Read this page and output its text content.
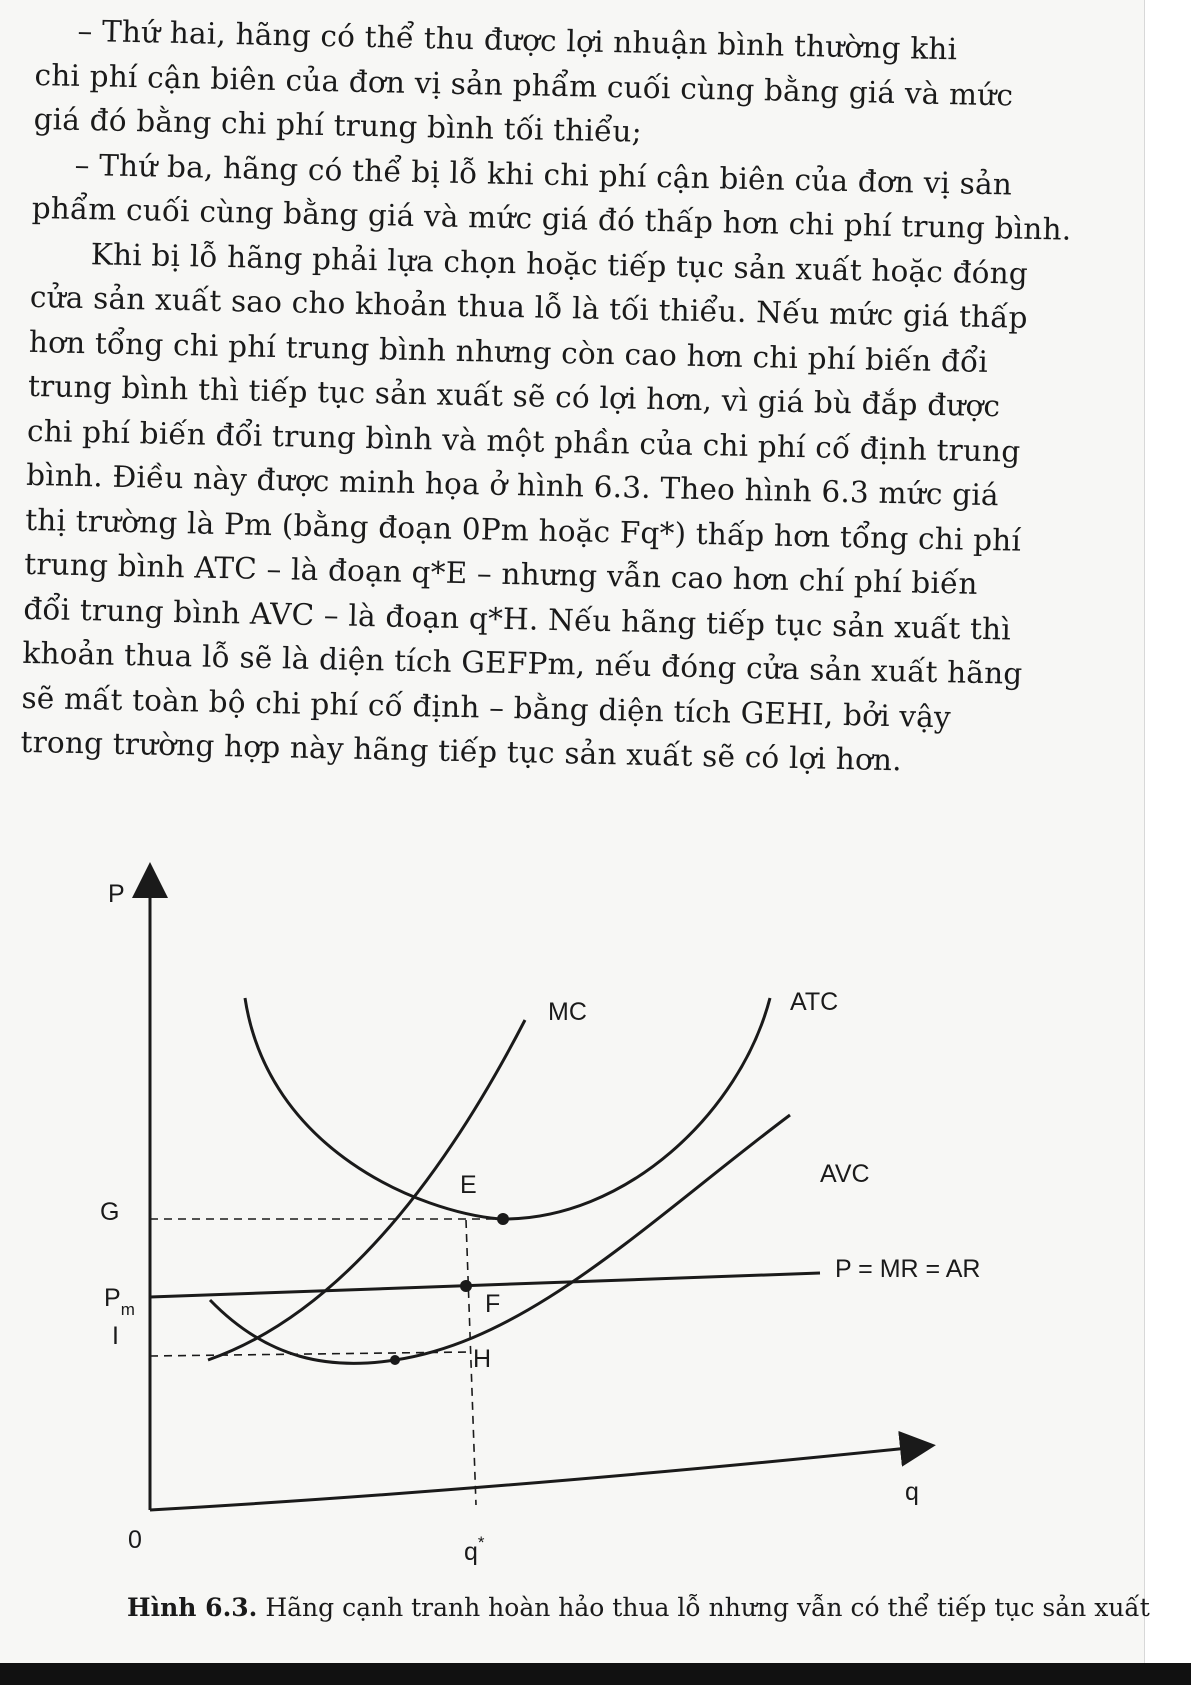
– Thứ hai, hãng có thể thu được lợi nhuận bình thường khi

chi phí cận biên của đơn vị sản phẩm cuối cùng bằng giá và mức

giá đó bằng chi phí trung bình tối thiểu;

– Thứ ba, hãng có thể bị lỗ khi chi phí cận biên của đơn vị sản

phẩm cuối cùng bằng giá và mức giá đó thấp hơn chi phí trung bình.

Khi bị lỗ hãng phải lựa chọn hoặc tiếp tục sản xuất hoặc đóng

cửa sản xuất sao cho khoản thua lỗ là tối thiểu. Nếu mức giá thấp

hơn tổng chi phí trung bình nhưng còn cao hơn chi phí biến đổi

trung bình thì tiếp tục sản xuất sẽ có lợi hơn, vì giá bù đắp được

chi phí biến đổi trung bình và một phần của chi phí cố định trung

bình. Điều này được minh họa ở hình 6.3. Theo hình 6.3 mức giá

thị trường là Pm (bằng đoạn 0Pm hoặc Fq*) thấp hơn tổng chi phí

trung bình ATC – là đoạn q*E – nhưng vẫn cao hơn chí phí biến

đổi trung bình AVC – là đoạn q*H. Nếu hãng tiếp tục sản xuất thì

khoản thua lỗ sẽ là diện tích GEFPm, nếu đóng cửa sản xuất hãng

sẽ mất toàn bộ chi phí cố định – bằng diện tích GEHI, bởi vậy

trong trường hợp này hãng tiếp tục sản xuất sẽ có lợi hơn.

P
q
0
MC	ATC
AVC
P = MR = AR
G
$P_m$
I
E
F
H
q*
Hình 6.3. Hãng cạnh tranh hoàn hảo thua lỗ nhưng vẫn có thể tiếp tục sản xuất
